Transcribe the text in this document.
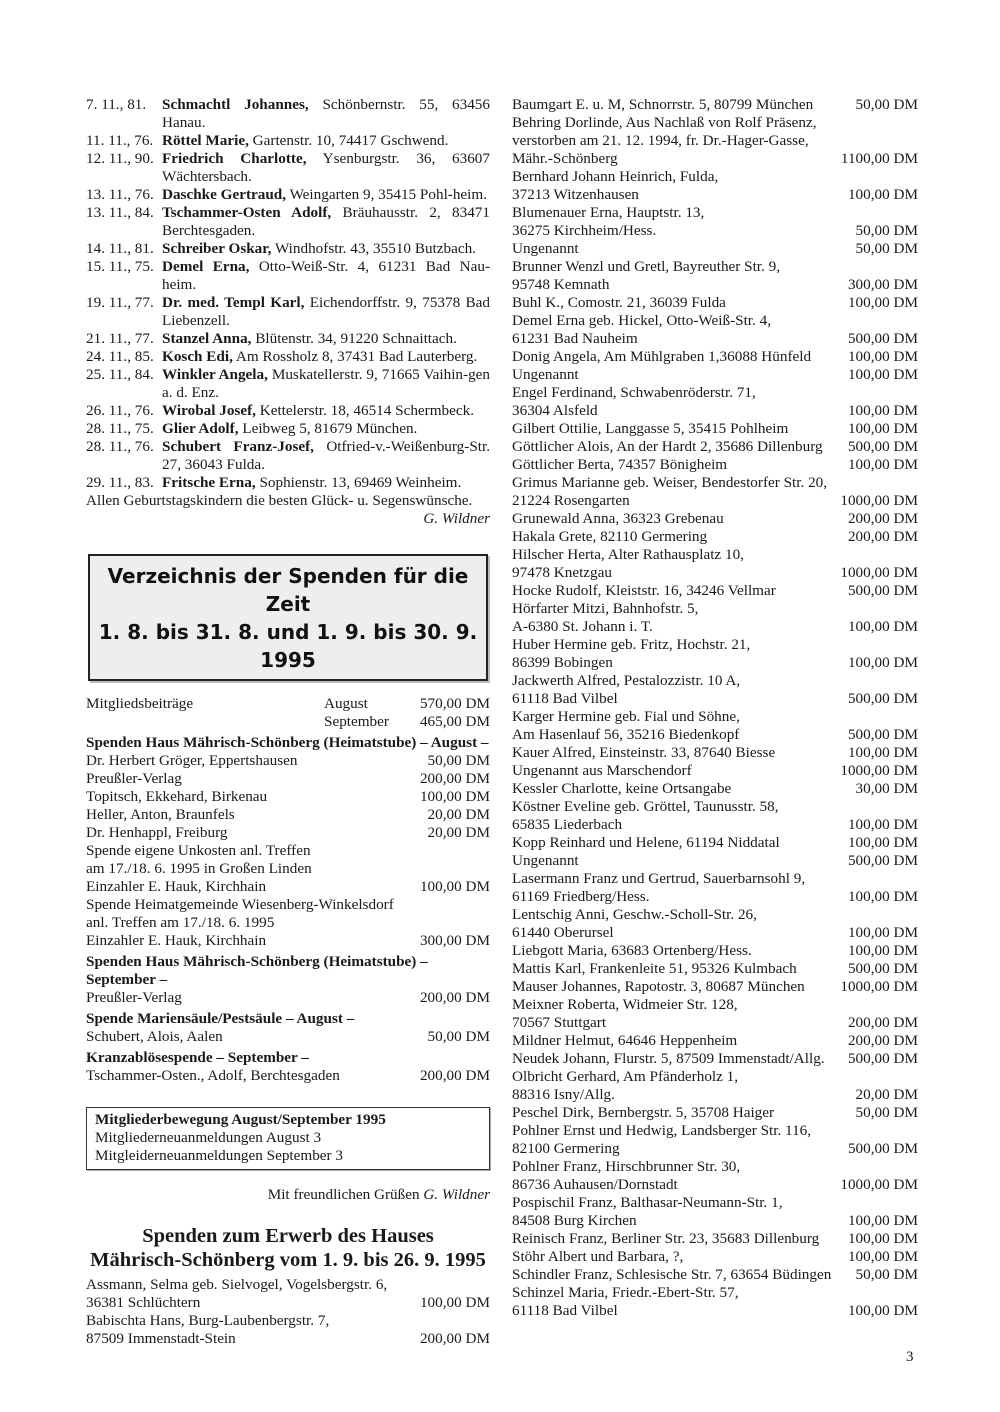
7. 11., 81.	Schmachtl Johannes, Schönbernstr. 55, 63456 Hanau.
11. 11., 76. Röttel Marie, Gartenstr. 10, 74417 Gschwend.
12. 11., 90. Friedrich Charlotte, Ysenburgstr. 36, 63607 Wächtersbach.
13. 11., 76. Daschke Gertraud, Weingarten 9, 35415 Pohl-heim.
13. 11., 84. Tschammer-Osten Adolf, Bräuhausstr. 2, 83471 Berchtesgaden.
14. 11., 81. Schreiber Oskar, Windhofstr. 43, 35510 Butzbach.
15. 11., 75. Demel Erna, Otto-Weiß-Str. 4, 61231 Bad Nau-heim.
19. 11., 77. Dr. med. Templ Karl, Eichendorffstr. 9, 75378 Bad Liebenzell.
21. 11., 77. Stanzel Anna, Blütenstr. 34, 91220 Schnaittach.
24. 11., 85. Kosch Edi, Am Rossholz 8, 37431 Bad Lauterberg.
25. 11., 84. Winkler Angela, Muskatellerstr. 9, 71665 Vaihin-gen a. d. Enz.
26. 11., 76. Wirobal Josef, Kettelerstr. 18, 46514 Schermbeck.
28. 11., 75. Glier Adolf, Leibweg 5, 81679 München.
28. 11., 76. Schubert Franz-Josef, Otfried-v.-Weißenburg-Str. 27, 36043 Fulda.
29. 11., 83. Fritsche Erna, Sophienstr. 13, 69469 Weinheim.
Allen Geburtstagskindern die besten Glück- u. Segenswünsche.
G. Wildner
Verzeichnis der Spenden für die Zeit
1. 8. bis 31. 8. und 1. 9. bis 30. 9. 1995
Mitgliedsbeiträge	August	570,00 DM
September	465,00 DM
Spenden Haus Mährisch-Schönberg (Heimatstube) – August –
Dr. Herbert Gröger, Eppertshausen	50,00 DM
Preußler-Verlag	200,00 DM
Topitsch, Ekkehard, Birkenau	100,00 DM
Heller, Anton, Braunfels	20,00 DM
Dr. Henhappl, Freiburg	20,00 DM
Spende eigene Unkosten anl. Treffen
am 17./18. 6. 1995 in Großen Linden
Einzahler E. Hauk, Kirchhain	100,00 DM
Spende Heimatgemeinde Wiesenberg-Winkelsdorf
anl. Treffen am 17./18. 6. 1995
Einzahler E. Hauk, Kirchhain	300,00 DM
Spenden Haus Mährisch-Schönberg (Heimatstube) – September –
Preußler-Verlag	200,00 DM
Spende Mariensäule/Pestsäule – August –
Schubert, Alois, Aalen	50,00 DM
Kranzablösespende – September –
Tschammer-Osten., Adolf, Berchtesgaden	200,00 DM
Mitgliederbewegung August/September 1995
Mitgliederneuanmeldungen August 3
Mitgleiderneuanmeldungen September 3
Mit freundlichen Grüßen G. Wildner
Spenden zum Erwerb des Hauses
Mährisch-Schönberg vom 1. 9. bis 26. 9. 1995
Assmann, Selma geb. Sielvogel, Vogelsbergstr. 6,
36381 Schlüchtern	100,00 DM
Babischta Hans, Burg-Laubenbergstr. 7,
87509 Immenstadt-Stein	200,00 DM
Baumgart E. u. M, Schnorrstr. 5, 80799 München	50,00 DM
Behring Dorlinde, Aus Nachlaß von Rolf Präsenz,
verstorben am 21. 12. 1994, fr. Dr.-Hager-Gasse,
Mähr.-Schönberg	1100,00 DM
Bernhard Johann Heinrich, Fulda,
37213 Witzenhausen	100,00 DM
Blumenauer Erna, Hauptstr. 13,
36275 Kirchheim/Hess.	50,00 DM
Ungenannt	50,00 DM
Brunner Wenzl und Gretl, Bayreuther Str. 9,
95748 Kemnath	300,00 DM
Buhl K., Comostr. 21, 36039 Fulda	100,00 DM
Demel Erna geb. Hickel, Otto-Weiß-Str. 4,
61231 Bad Nauheim	500,00 DM
Donig Angela, Am Mühlgraben 1,36088 Hünfeld	100,00 DM
Ungenannt	100,00 DM
Engel Ferdinand, Schwabenröderstr. 71,
36304 Alsfeld	100,00 DM
Gilbert Ottilie, Langgasse 5, 35415 Pohlheim	100,00 DM
Göttlicher Alois, An der Hardt 2, 35686 Dillenburg	500,00 DM
Göttlicher Berta, 74357 Bönigheim	100,00 DM
Grimus Marianne geb. Weiser, Bendestorfer Str. 20,
21224 Rosengarten	1000,00 DM
Grunewald Anna, 36323 Grebenau	200,00 DM
Hakala Grete, 82110 Germering	200,00 DM
Hilscher Herta, Alter Rathausplatz 10,
97478 Knetzgau	1000,00 DM
Hocke Rudolf, Kleiststr. 16, 34246 Vellmar	500,00 DM
Hörfarter Mitzi, Bahnhofstr. 5,
A-6380 St. Johann i. T.	100,00 DM
Huber Hermine geb. Fritz, Hochstr. 21,
86399 Bobingen	100,00 DM
Jackwerth Alfred, Pestalozzistr. 10 A,
61118 Bad Vilbel	500,00 DM
Karger Hermine geb. Fial und Söhne,
Am Hasenlauf 56, 35216 Biedenkopf	500,00 DM
Kauer Alfred, Einsteinstr. 33, 87640 Biesse	100,00 DM
Ungenannt aus Marschendorf	1000,00 DM
Kessler Charlotte, keine Ortsangabe	30,00 DM
Köstner Eveline geb. Gröttel, Taunusstr. 58,
65835 Liederbach	100,00 DM
Kopp Reinhard und Helene, 61194 Niddatal	100,00 DM
Ungenannt	500,00 DM
Lasermann Franz und Gertrud, Sauerbarnsohl 9,
61169 Friedberg/Hess.	100,00 DM
Lentschig Anni, Geschw.-Scholl-Str. 26,
61440 Oberursel	100,00 DM
Liebgott Maria, 63683 Ortenberg/Hess.	100,00 DM
Mattis Karl, Frankenleite 51, 95326 Kulmbach	500,00 DM
Mauser Johannes, Rapotostr. 3, 80687 München	1000,00 DM
Meixner Roberta, Widmeier Str. 128,
70567 Stuttgart	200,00 DM
Mildner Helmut, 64646 Heppenheim	200,00 DM
Neudek Johann, Flurstr. 5, 87509 Immenstadt/Allg.	500,00 DM
Olbricht Gerhard, Am Pfänderholz 1,
88316 Isny/Allg.	20,00 DM
Peschel Dirk, Bernbergstr. 5, 35708 Haiger	50,00 DM
Pohlner Ernst und Hedwig, Landsberger Str. 116,
82100 Germering	500,00 DM
Pohlner Franz, Hirschbrunner Str. 30,
86736 Auhausen/Dornstadt	1000,00 DM
Pospischil Franz, Balthasar-Neumann-Str. 1,
84508 Burg Kirchen	100,00 DM
Reinisch Franz, Berliner Str. 23, 35683 Dillenburg	100,00 DM
Stöhr Albert und Barbara, ?,	100,00 DM
Schindler Franz, Schlesische Str. 7, 63654 Büdingen	50,00 DM
Schinzel Maria, Friedr.-Ebert-Str. 57,
61118 Bad Vilbel	100,00 DM
3
